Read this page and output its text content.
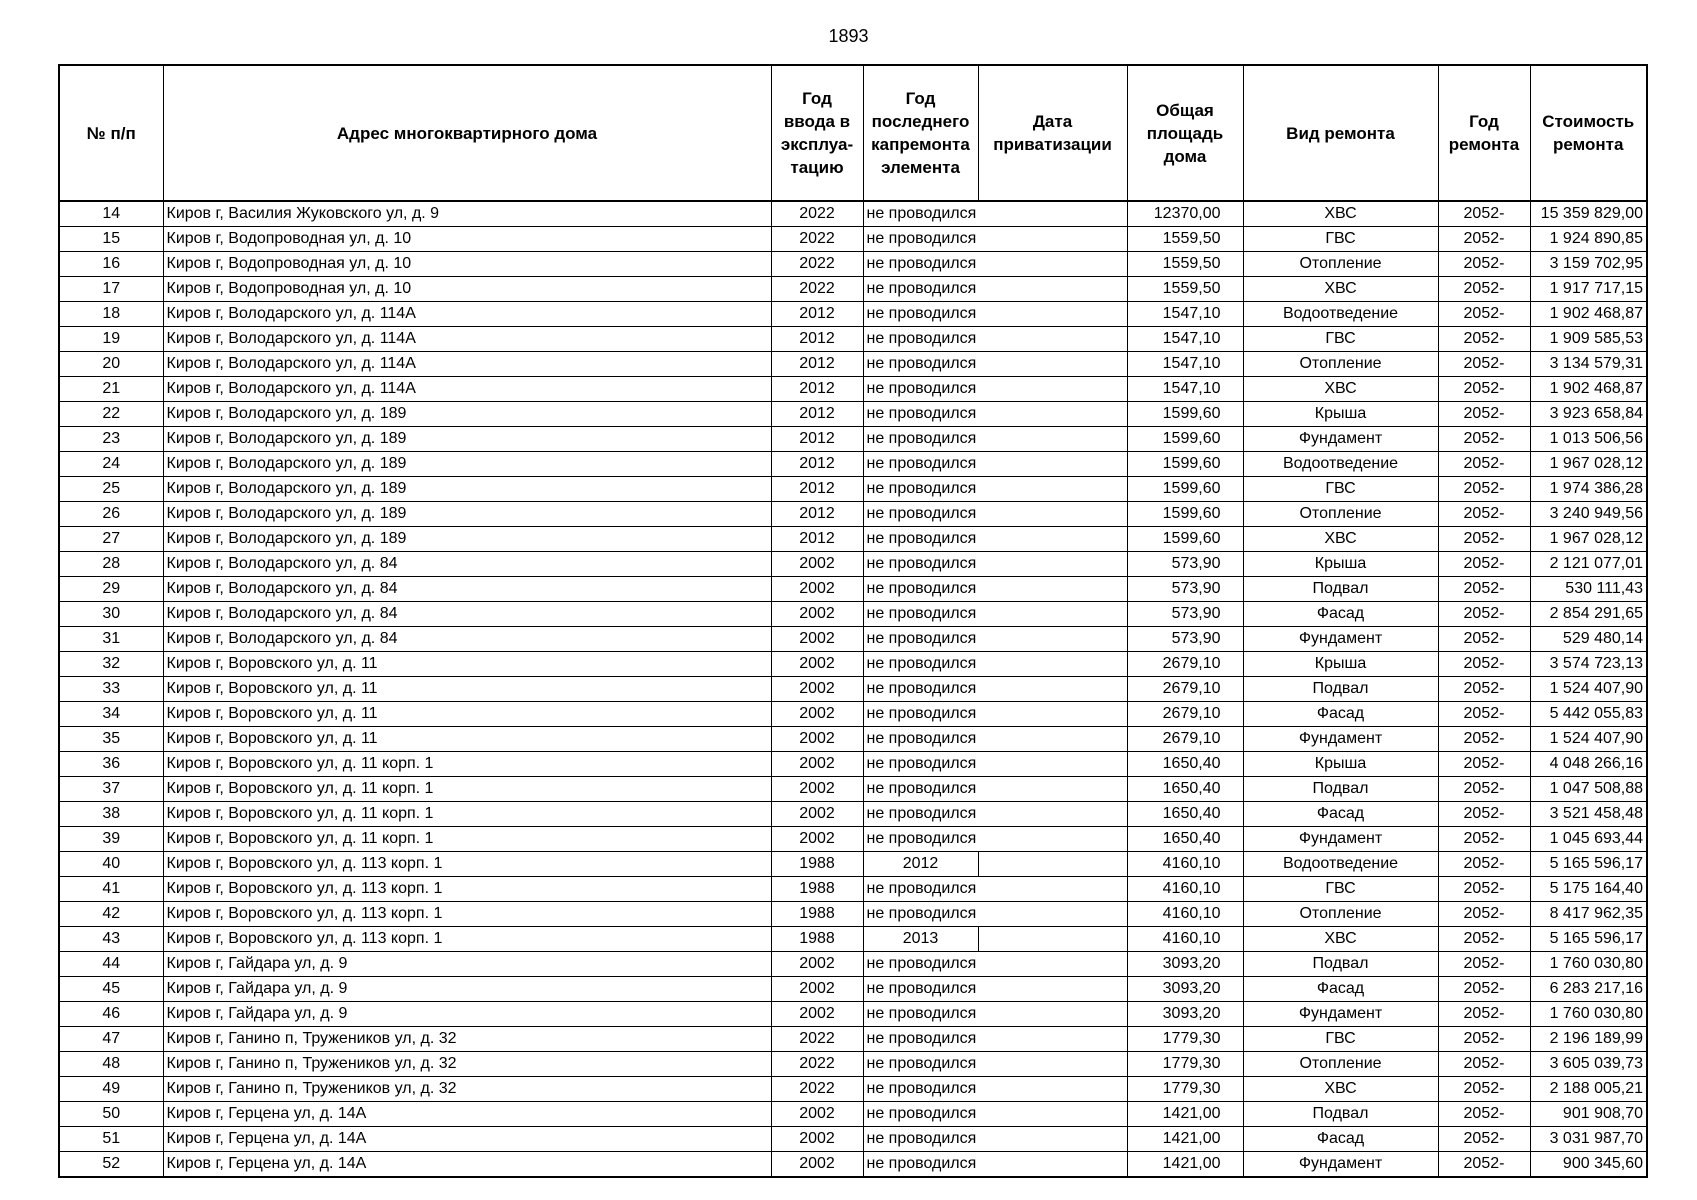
1893
№ п/п	Адрес многоквартирного дома	Год ввода в эксплуа-тацию	Год последнего капремонта элемента	Дата приватизации	Общая площадь дома	Вид ремонта	Год ремонта	Стоимость ремонта
14	Киров г, Василия Жуковского ул, д. 9	2022	не проводился		12370,00	ХВС	2052-	15 359 829,00
15	Киров г, Водопроводная ул, д. 10	2022	не проводился		1559,50	ГВС	2052-	1 924 890,85
16	Киров г, Водопроводная ул, д. 10	2022	не проводился		1559,50	Отопление	2052-	3 159 702,95
17	Киров г, Водопроводная ул, д. 10	2022	не проводился		1559,50	ХВС	2052-	1 917 717,15
18	Киров г, Володарского ул, д. 114А	2012	не проводился		1547,10	Водоотведение	2052-	1 902 468,87
19	Киров г, Володарского ул, д. 114А	2012	не проводился		1547,10	ГВС	2052-	1 909 585,53
20	Киров г, Володарского ул, д. 114А	2012	не проводился		1547,10	Отопление	2052-	3 134 579,31
21	Киров г, Володарского ул, д. 114А	2012	не проводился		1547,10	ХВС	2052-	1 902 468,87
22	Киров г, Володарского ул, д. 189	2012	не проводился		1599,60	Крыша	2052-	3 923 658,84
23	Киров г, Володарского ул, д. 189	2012	не проводился		1599,60	Фундамент	2052-	1 013 506,56
24	Киров г, Володарского ул, д. 189	2012	не проводился		1599,60	Водоотведение	2052-	1 967 028,12
25	Киров г, Володарского ул, д. 189	2012	не проводился		1599,60	ГВС	2052-	1 974 386,28
26	Киров г, Володарского ул, д. 189	2012	не проводился		1599,60	Отопление	2052-	3 240 949,56
27	Киров г, Володарского ул, д. 189	2012	не проводился		1599,60	ХВС	2052-	1 967 028,12
28	Киров г, Володарского ул, д. 84	2002	не проводился		573,90	Крыша	2052-	2 121 077,01
29	Киров г, Володарского ул, д. 84	2002	не проводился		573,90	Подвал	2052-	530 111,43
30	Киров г, Володарского ул, д. 84	2002	не проводился		573,90	Фасад	2052-	2 854 291,65
31	Киров г, Володарского ул, д. 84	2002	не проводился		573,90	Фундамент	2052-	529 480,14
32	Киров г, Воровского ул, д. 11	2002	не проводился		2679,10	Крыша	2052-	3 574 723,13
33	Киров г, Воровского ул, д. 11	2002	не проводился		2679,10	Подвал	2052-	1 524 407,90
34	Киров г, Воровского ул, д. 11	2002	не проводился		2679,10	Фасад	2052-	5 442 055,83
35	Киров г, Воровского ул, д. 11	2002	не проводился		2679,10	Фундамент	2052-	1 524 407,90
36	Киров г, Воровского ул, д. 11 корп. 1	2002	не проводился		1650,40	Крыша	2052-	4 048 266,16
37	Киров г, Воровского ул, д. 11 корп. 1	2002	не проводился		1650,40	Подвал	2052-	1 047 508,88
38	Киров г, Воровского ул, д. 11 корп. 1	2002	не проводился		1650,40	Фасад	2052-	3 521 458,48
39	Киров г, Воровского ул, д. 11 корп. 1	2002	не проводился		1650,40	Фундамент	2052-	1 045 693,44
40	Киров г, Воровского ул, д. 113 корп. 1	1988	2012		4160,10	Водоотведение	2052-	5 165 596,17
41	Киров г, Воровского ул, д. 113 корп. 1	1988	не проводился		4160,10	ГВС	2052-	5 175 164,40
42	Киров г, Воровского ул, д. 113 корп. 1	1988	не проводился		4160,10	Отопление	2052-	8 417 962,35
43	Киров г, Воровского ул, д. 113 корп. 1	1988	2013		4160,10	ХВС	2052-	5 165 596,17
44	Киров г, Гайдара ул, д. 9	2002	не проводился		3093,20	Подвал	2052-	1 760 030,80
45	Киров г, Гайдара ул, д. 9	2002	не проводился		3093,20	Фасад	2052-	6 283 217,16
46	Киров г, Гайдара ул, д. 9	2002	не проводился		3093,20	Фундамент	2052-	1 760 030,80
47	Киров г, Ганино п, Тружеников ул, д. 32	2022	не проводился		1779,30	ГВС	2052-	2 196 189,99
48	Киров г, Ганино п, Тружеников ул, д. 32	2022	не проводился		1779,30	Отопление	2052-	3 605 039,73
49	Киров г, Ганино п, Тружеников ул, д. 32	2022	не проводился		1779,30	ХВС	2052-	2 188 005,21
50	Киров г, Герцена ул, д. 14А	2002	не проводился		1421,00	Подвал	2052-	901 908,70
51	Киров г, Герцена ул, д. 14А	2002	не проводился		1421,00	Фасад	2052-	3 031 987,70
52	Киров г, Герцена ул, д. 14А	2002	не проводился		1421,00	Фундамент	2052-	900 345,60
